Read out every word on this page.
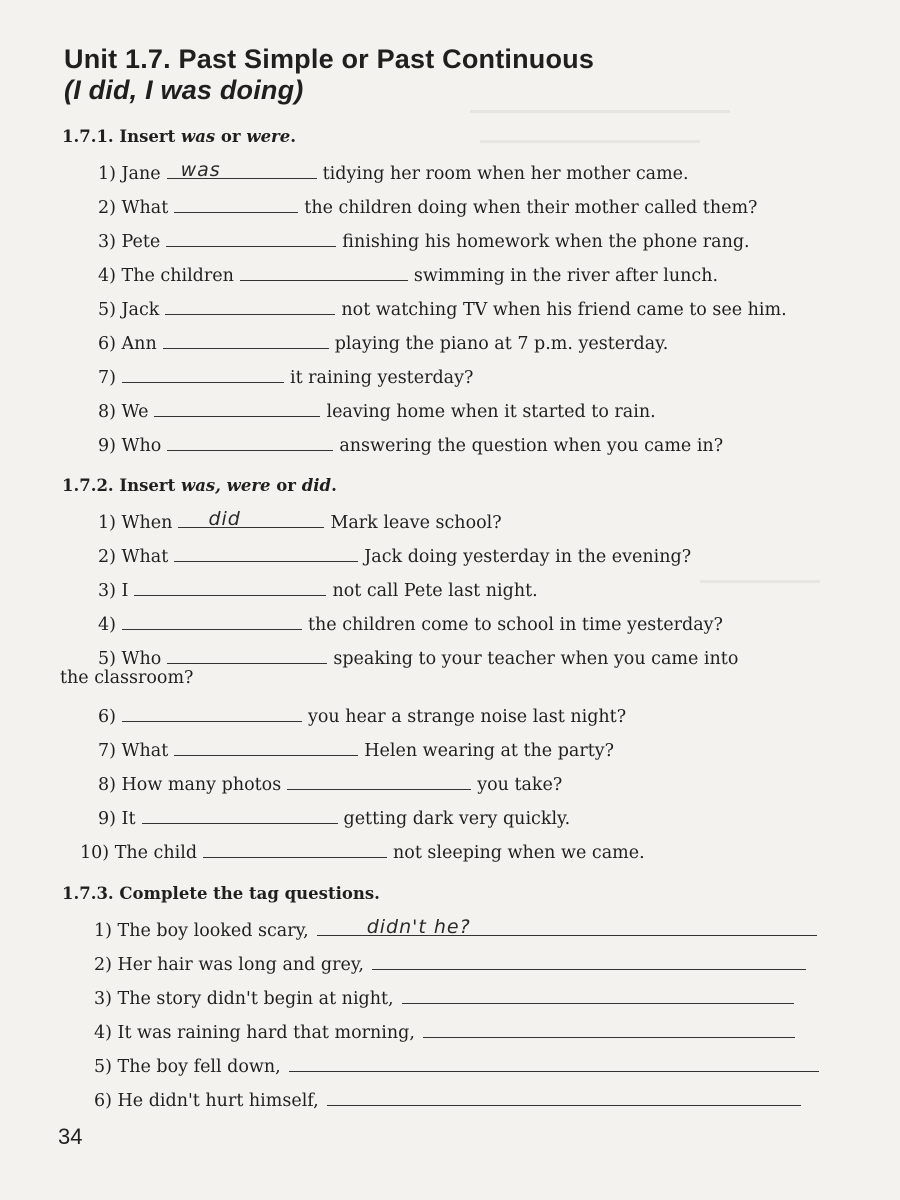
Unit 1.7. Past Simple or Past Continuous
(I did, I was doing)
1.7.1. Insert was or were.
1) Jane was	tidying her room when her mother came.
2) What	the children doing when their mother called them?
3) Pete	finishing his homework when the phone rang.
4) The children	swimming in the river after lunch.
5) Jack	not watching TV when his friend came to see him.
6) Ann	playing the piano at 7 p.m. yesterday.
7)	it raining yesterday?
8) We	leaving home when it started to rain.
9) Who	answering the question when you came in?
1.7.2. Insert was, were or did.
1) When did	Mark leave school?
2) What	Jack doing yesterday in the evening?
3) I	not call Pete last night.
4)	the children come to school in time yesterday?
5) Who	speaking to your teacher when you came into
the classroom?
6)	you hear a strange noise last night?
7) What	Helen wearing at the party?
8) How many photos	you take?
9) It	getting dark very quickly.
10) The child	not sleeping when we came.
1.7.3. Complete the tag questions.
1) The boy looked scary,	didn't he?
2) Her hair was long and grey,
3) The story didn't begin at night,
4) It was raining hard that morning,
5) The boy fell down,
6) He didn't hurt himself,
34
